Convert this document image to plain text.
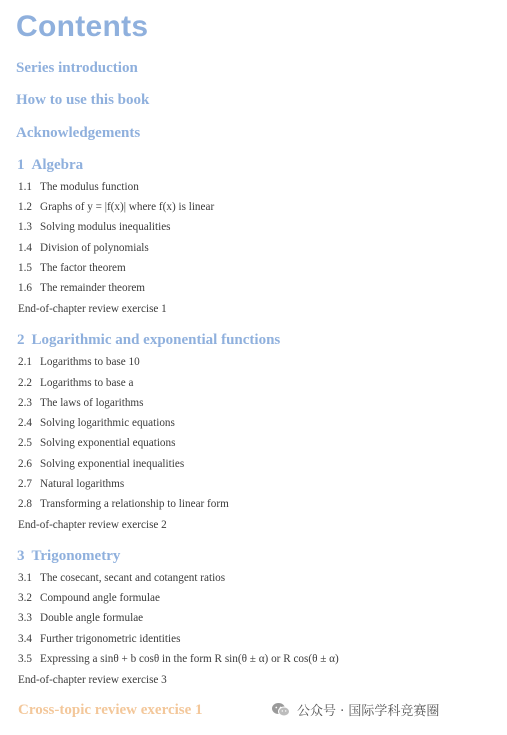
Contents
Series introduction
How to use this book
Acknowledgements
1 Algebra
1.1 The modulus function
1.2 Graphs of y = |f(x)| where f(x) is linear
1.3 Solving modulus inequalities
1.4 Division of polynomials
1.5 The factor theorem
1.6 The remainder theorem
End-of-chapter review exercise 1
2 Logarithmic and exponential functions
2.1 Logarithms to base 10
2.2 Logarithms to base a
2.3 The laws of logarithms
2.4 Solving logarithmic equations
2.5 Solving exponential equations
2.6 Solving exponential inequalities
2.7 Natural logarithms
2.8 Transforming a relationship to linear form
End-of-chapter review exercise 2
3 Trigonometry
3.1 The cosecant, secant and cotangent ratios
3.2 Compound angle formulae
3.3 Double angle formulae
3.4 Further trigonometric identities
3.5 Expressing a sinθ + b cosθ in the form R sin(θ ± α) or R cos(θ ± α)
End-of-chapter review exercise 3
Cross-topic review exercise 1	公众号 · 国际学科竞赛圈
